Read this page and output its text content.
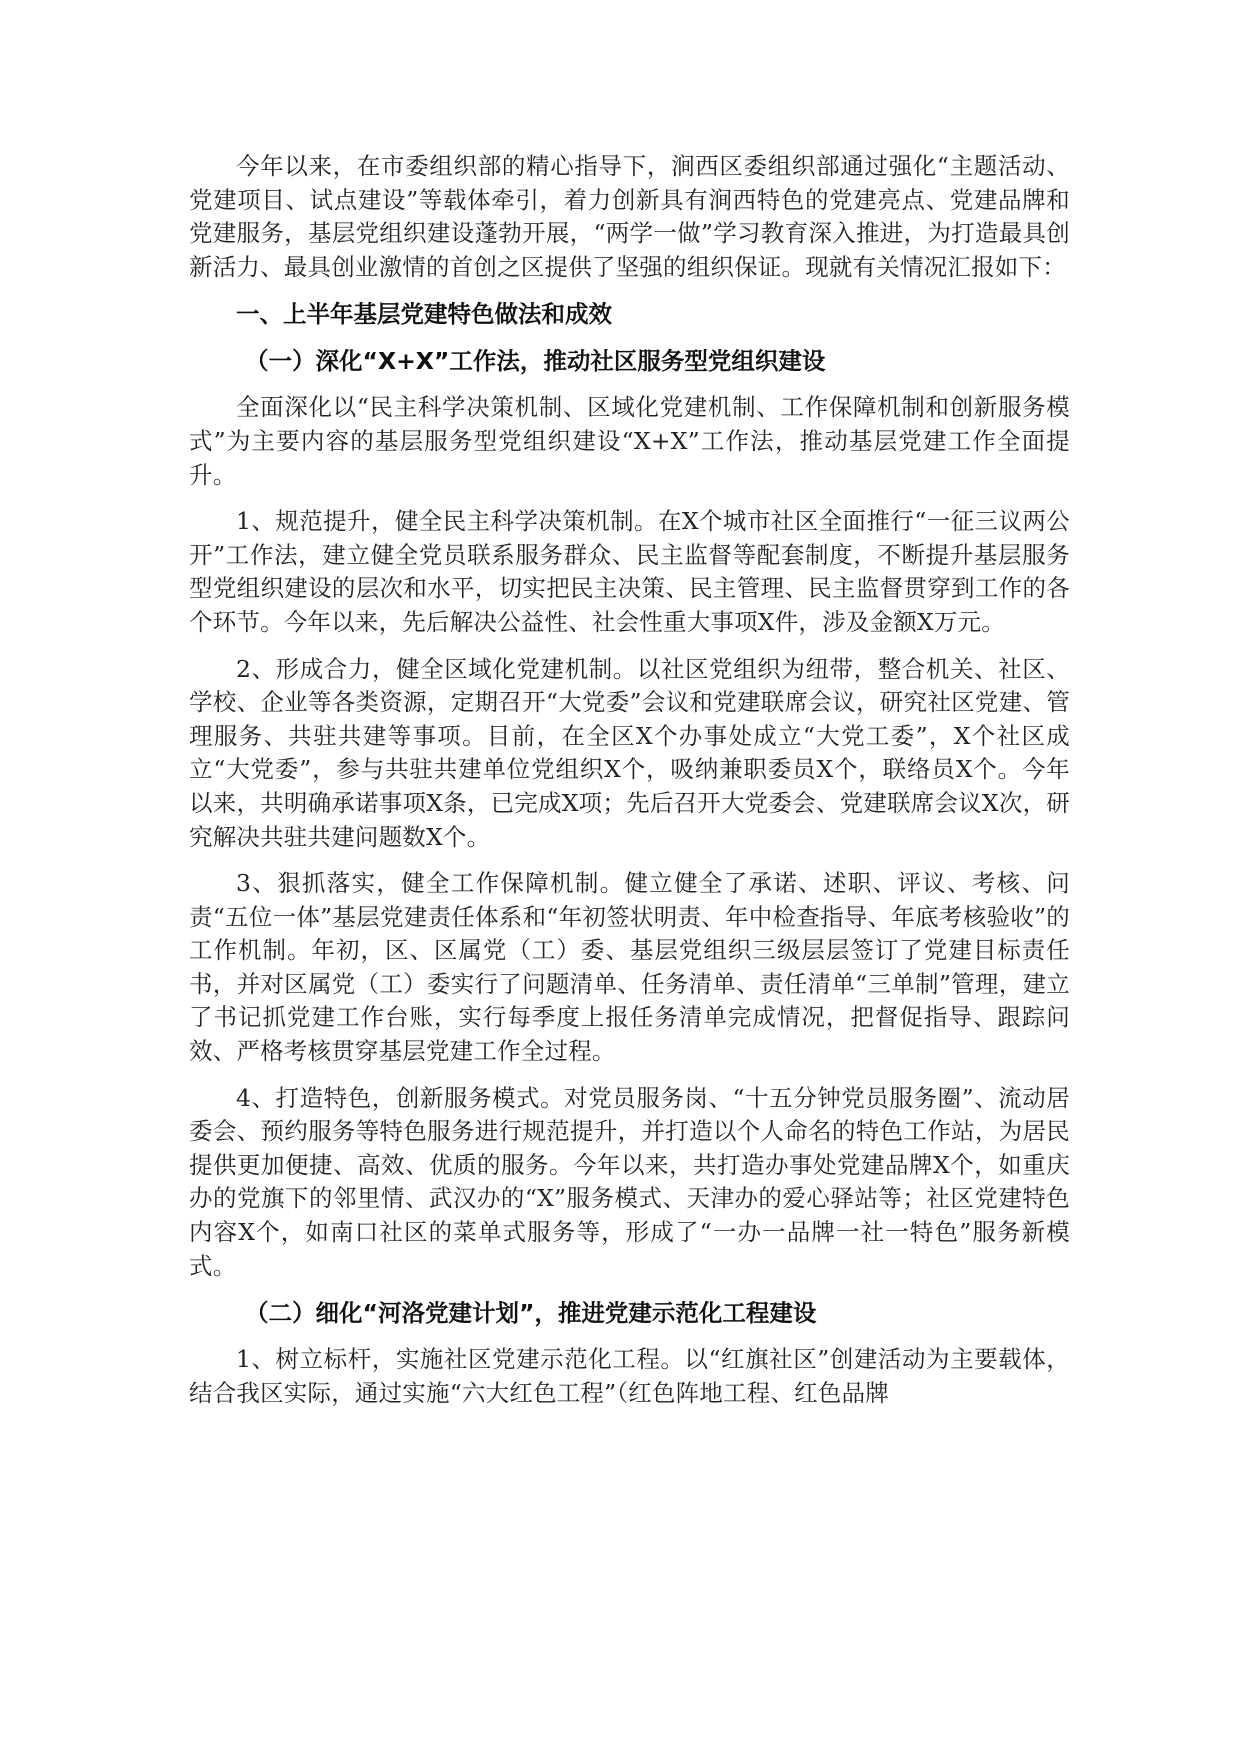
今年以来，在市委组织部的精心指导下，涧西区委组织部通过强化“主题活动、党建项目、试点建设”等载体牵引，着力创新具有涧西特色的党建亮点、党建品牌和党建服务，基层党组织建设蓬勃开展，“两学一做”学习教育深入推进，为打造最具创新活力、最具创业激情的首创之区提供了坚强的组织保证。现就有关情况汇报如下：

一、上半年基层党建特色做法和成效

（一）深化“X+X”工作法，推动社区服务型党组织建设

全面深化以“民主科学决策机制、区域化党建机制、工作保障机制和创新服务模式”为主要内容的基层服务型党组织建设“X+X”工作法，推动基层党建工作全面提升。

1、规范提升，健全民主科学决策机制。在X个城市社区全面推行“一征三议两公开”工作法，建立健全党员联系服务群众、民主监督等配套制度，不断提升基层服务型党组织建设的层次和水平，切实把民主决策、民主管理、民主监督贯穿到工作的各个环节。今年以来，先后解决公益性、社会性重大事项X件，涉及金额X万元。

2、形成合力，健全区域化党建机制。以社区党组织为纽带，整合机关、社区、学校、企业等各类资源，定期召开“大党委”会议和党建联席会议，研究社区党建、管理服务、共驻共建等事项。目前，在全区X个办事处成立“大党工委”，X个社区成立“大党委”，参与共驻共建单位党组织X个，吸纳兼职委员X个，联络员X个。今年以来，共明确承诺事项X条，已完成X项；先后召开大党委会、党建联席会议X次，研究解决共驻共建问题数X个。

3、狠抓落实，健全工作保障机制。健立健全了承诺、述职、评议、考核、问责“五位一体”基层党建责任体系和“年初签状明责、年中检查指导、年底考核验收”的工作机制。年初，区、区属党（工）委、基层党组织三级层层签订了党建目标责任书，并对区属党（工）委实行了问题清单、任务清单、责任清单“三单制”管理，建立了书记抓党建工作台账，实行每季度上报任务清单完成情况，把督促指导、跟踪问效、严格考核贯穿基层党建工作全过程。

4、打造特色，创新服务模式。对党员服务岗、“十五分钟党员服务圈”、流动居委会、预约服务等特色服务进行规范提升，并打造以个人命名的特色工作站，为居民提供更加便捷、高效、优质的服务。今年以来，共打造办事处党建品牌X个，如重庆办的党旗下的邻里情、武汉办的“X”服务模式、天津办的爱心驿站等；社区党建特色内容X个，如南口社区的菜单式服务等，形成了“一办一品牌一社一特色”服务新模式。

（二）细化“河洛党建计划”，推进党建示范化工程建设

1、树立标杆，实施社区党建示范化工程。以“红旗社区”创建活动为主要载体，结合我区实际，通过实施“六大红色工程”（红色阵地工程、红色品牌
